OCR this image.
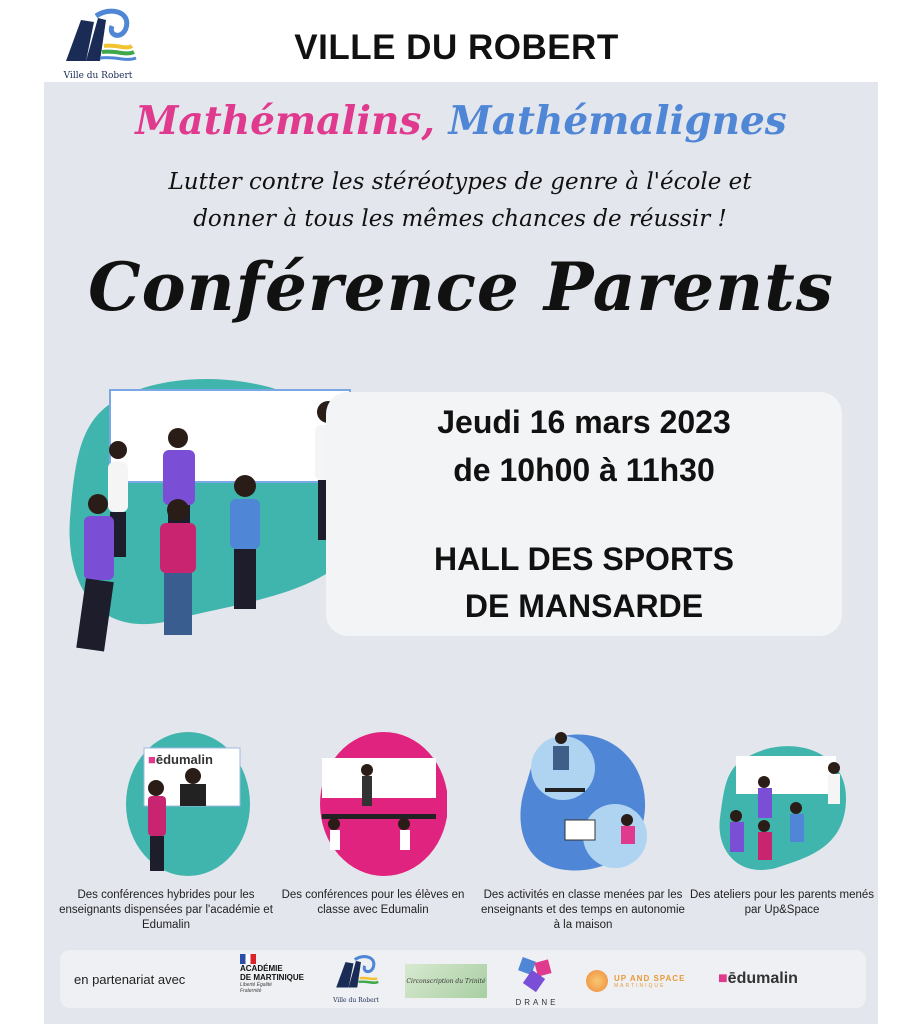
Ville du Robert
VILLE DU ROBERT
Mathémalins, Mathémalignes
Lutter contre les stéréotypes de genre à l'école et
donner à tous les mêmes chances de réussir !
Conférence Parents
Jeudi 16 mars 2023
de 10h00 à 11h30
HALL DES SPORTS
DE MANSARDE
■ēdumalin
Des conférences hybrides pour les enseignants dispensées par l'académie et Edumalin
Des conférences pour les élèves en classe avec Edumalin
Des activités en classe menées par les enseignants et des temps en autonomie à la maison
Des ateliers pour les parents menés par Up&Space
en partenariat avec
ACADÉMIE
DE MARTINIQUE
Liberté Égalité Fraternité
Ville du Robert
Circonscription du Trinité
DRANE
UP AND SPACE
MARTINIQUE	■ēdumalin
